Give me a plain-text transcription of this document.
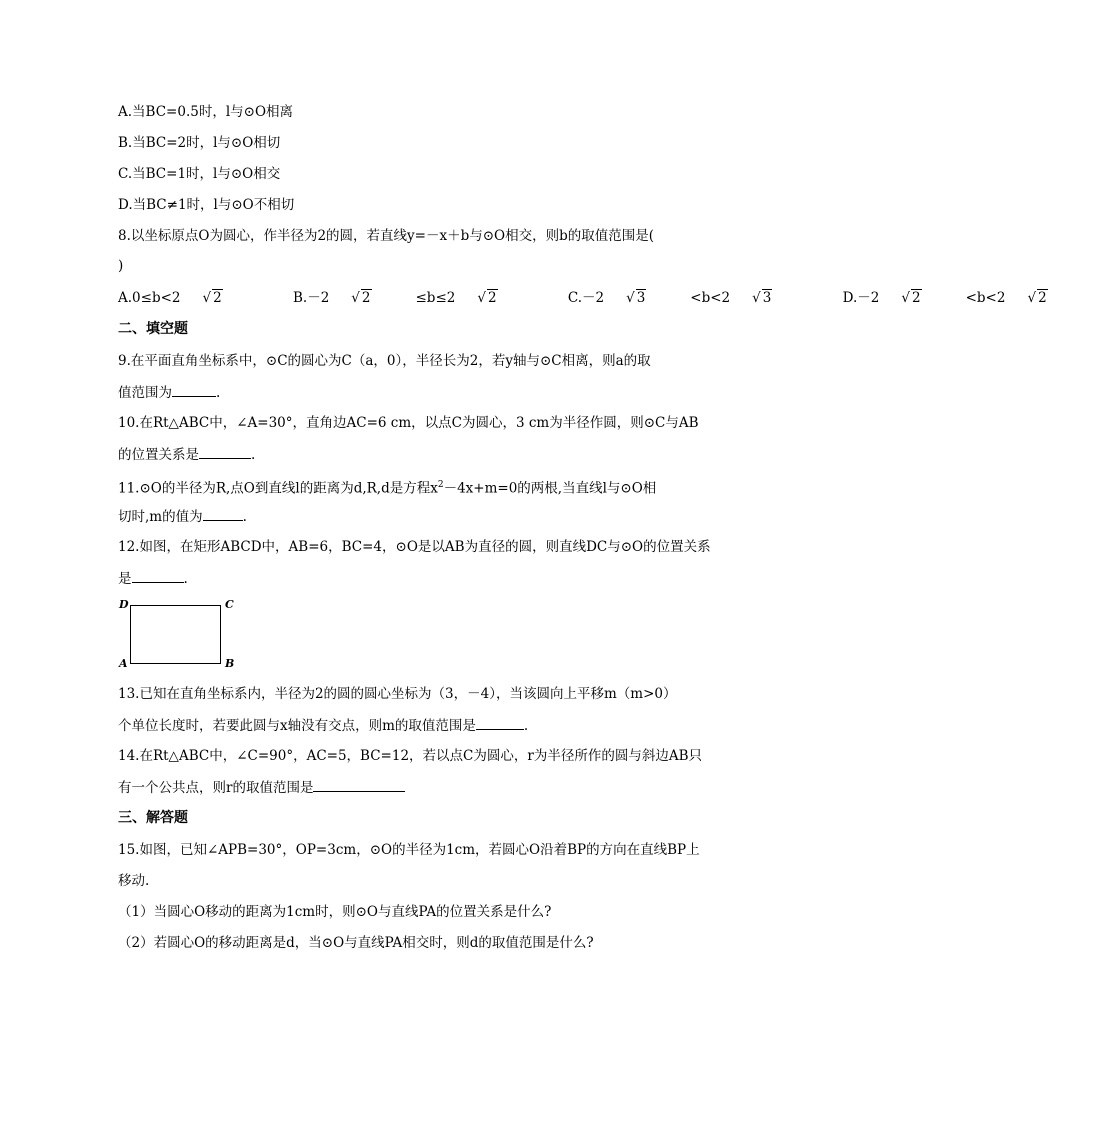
A.当BC=0.5时，l与⊙O相离
B.当BC=2时，l与⊙O相切
C.当BC=1时，l与⊙O相交
D.当BC≠1时，l与⊙O不相切
8.以坐标原点O为圆心，作半径为2的圆，若直线y=－x＋b与⊙O相交，则b的取值范围是(
)
A.0≤b<2 √ 2	B.－2 √ 2	≤b≤2 √ 2	C.－2 √ 3	<b<2 √ 3	D.－2 √ 2	<b<2 √ 2
二、填空题
9.在平面直角坐标系中，⊙C的圆心为C（a，0），半径长为2，若y轴与⊙C相离，则a的取
值范围为	.
10.在Rt△ABC中，∠A=30°，直角边AC=6 cm，以点C为圆心，3 cm为半径作圆，则⊙C与AB
的位置关系是	.
11.⊙O的半径为R,点O到直线l的距离为d,R,d是方程$x^2-4x+m=0$的两根,当直线l与⊙O相
切时,m的值为	.
12.如图，在矩形ABCD中，AB=6，BC=4，⊙O是以AB为直径的圆，则直线DC与⊙O的位置关系
是	.
D	C
A	B
13.已知在直角坐标系内，半径为2的圆的圆心坐标为（3，－4），当该圆向上平移m（m>0）
个单位长度时，若要此圆与x轴没有交点，则m的取值范围是	.
14.在Rt△ABC中，∠C=90°，AC=5，BC=12，若以点C为圆心，r为半径所作的圆与斜边AB只
有一个公共点，则r的取值范围是
三、解答题
15.如图，已知∠APB=30°，OP=3cm，⊙O的半径为1cm，若圆心O沿着BP的方向在直线BP上
移动.
（1）当圆心O移动的距离为1cm时，则⊙O与直线PA的位置关系是什么?
（2）若圆心O的移动距离是d，当⊙O与直线PA相交时，则d的取值范围是什么?
